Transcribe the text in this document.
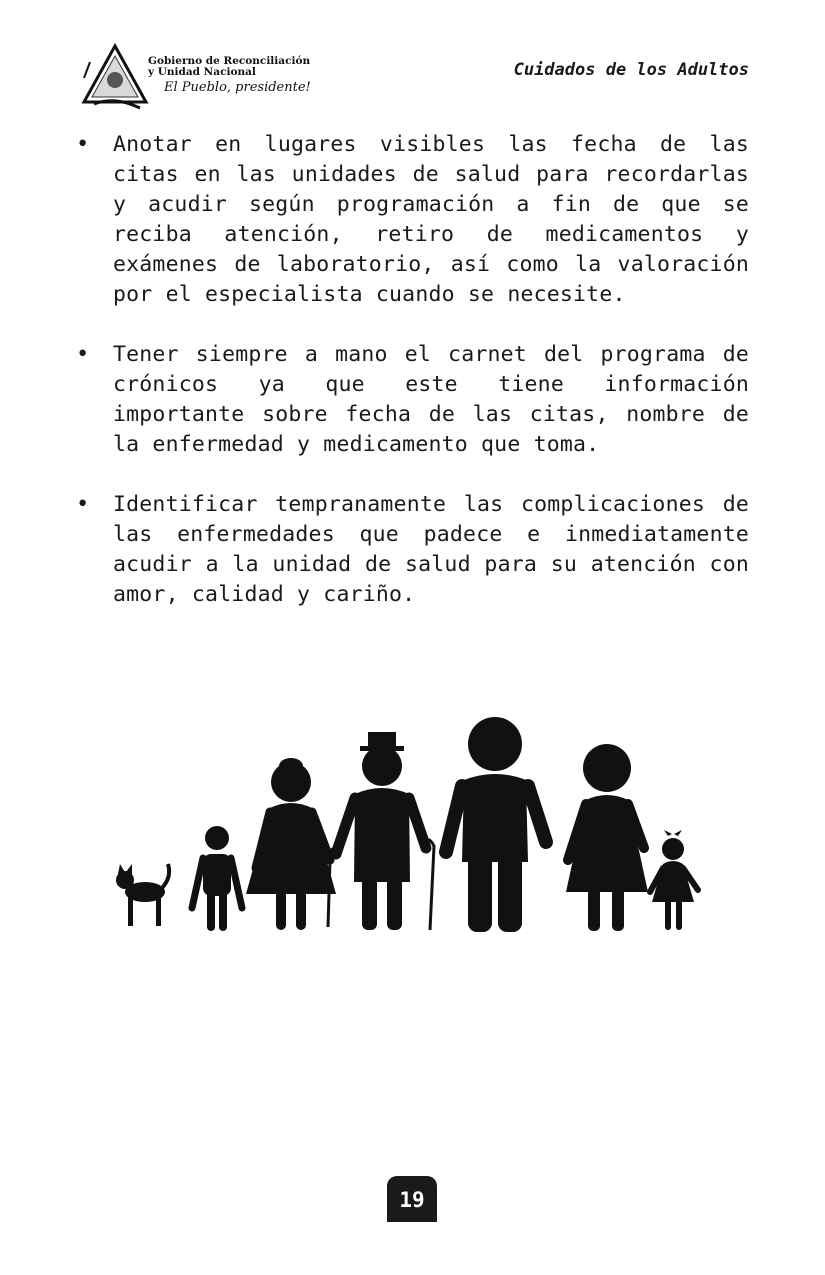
Gobierno de Reconciliación y Unidad Nacional
El Pueblo, presidente!
Cuidados de los Adultos
• Anotar en lugares visibles las fecha de las citas en las unidades de salud para recordarlas y acudir según programación a fin de que se reciba atención, retiro de medicamentos y exámenes de laboratorio, así como la valoración por el especialista cuando se necesite.
• Tener siempre a mano el carnet del programa de crónicos ya que este tiene información importante sobre fecha de las citas, nombre de la enfermedad y medicamento que toma.
• Identificar tempranamente las complicaciones de las enfermedades que padece e inmediatamente acudir a la unidad de salud para su atención con amor, calidad y cariño.
19
